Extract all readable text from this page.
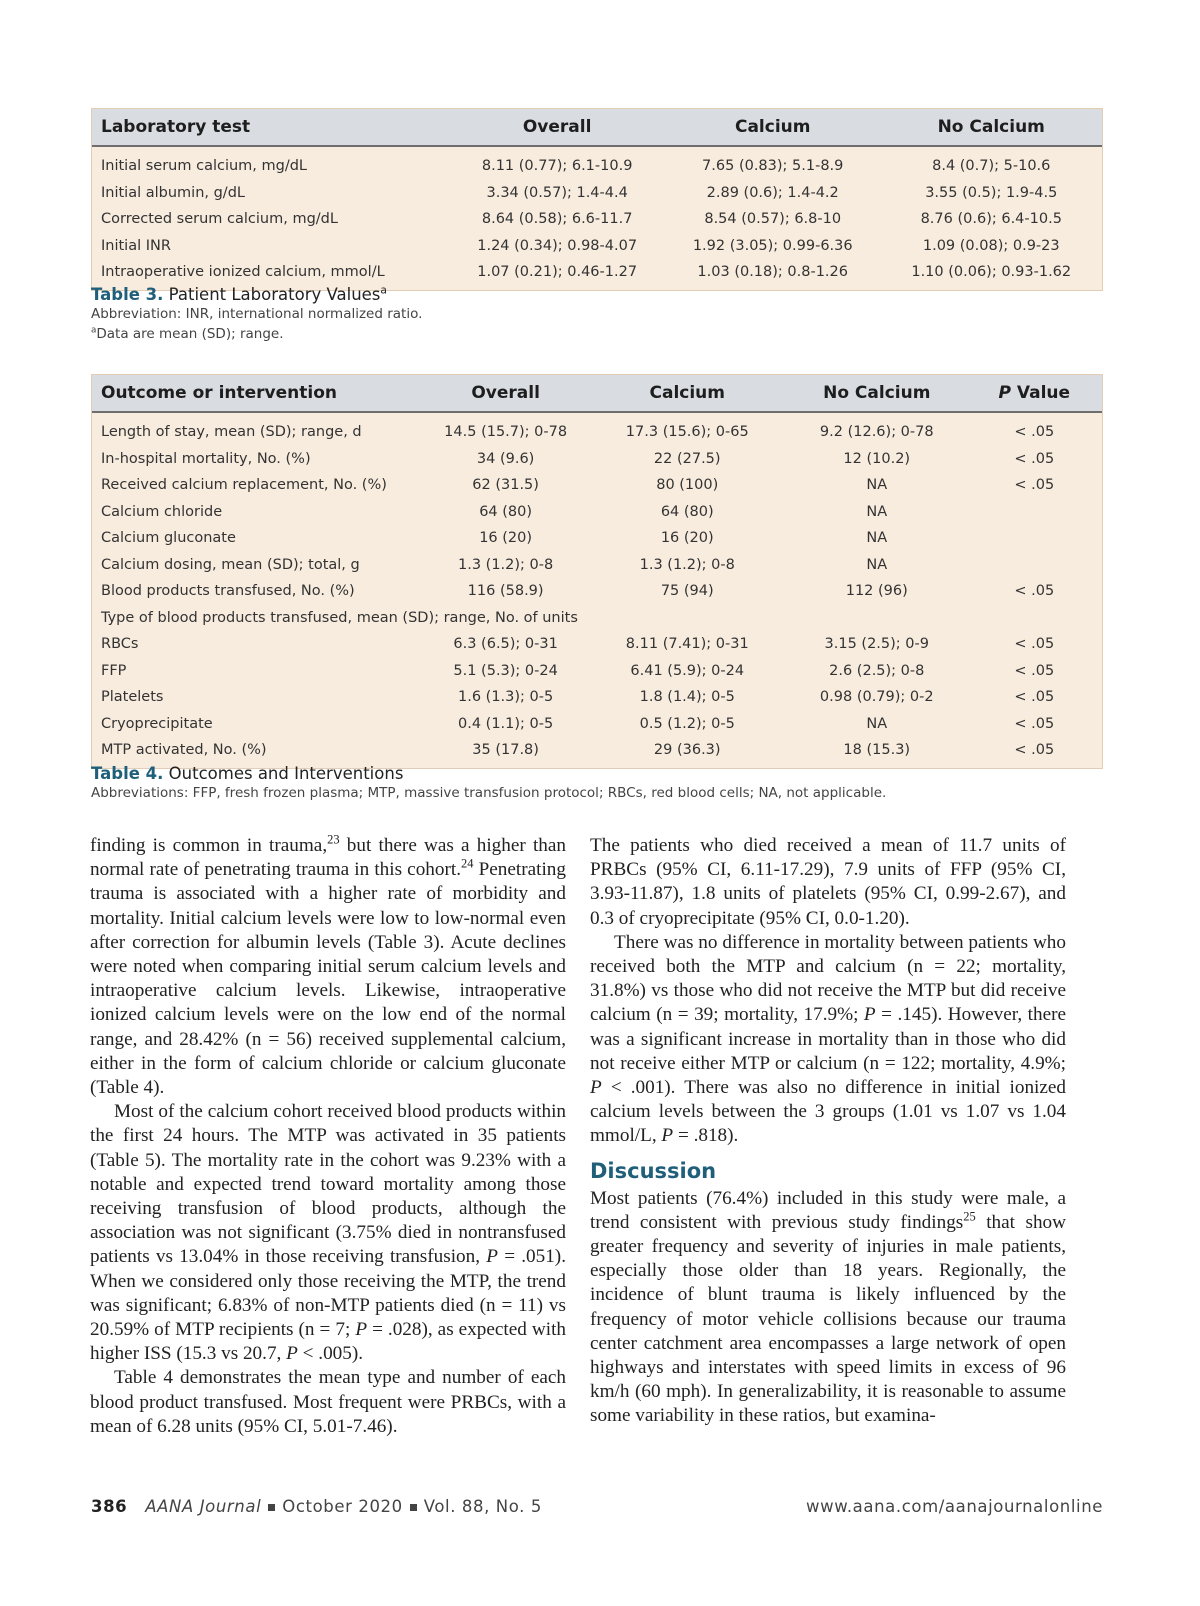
Laboratory test	Overall	Calcium	No Calcium
Initial serum calcium, mg/dL	8.11 (0.77); 6.1-10.9	7.65 (0.83); 5.1-8.9	8.4 (0.7); 5-10.6
Initial albumin, g/dL	3.34 (0.57); 1.4-4.4	2.89 (0.6); 1.4-4.2	3.55 (0.5); 1.9-4.5
Corrected serum calcium, mg/dL	8.64 (0.58); 6.6-11.7	8.54 (0.57); 6.8-10	8.76 (0.6); 6.4-10.5
Initial INR	1.24 (0.34); 0.98-4.07	1.92 (3.05); 0.99-6.36	1.09 (0.08); 0.9-23
Intraoperative ionized calcium, mmol/L	1.07 (0.21); 0.46-1.27	1.03 (0.18); 0.8-1.26	1.10 (0.06); 0.93-1.62
Table 3. Patient Laboratory Values$^a$
Abbreviation: INR, international normalized ratio.
$^a$Data are mean (SD); range.
Outcome or intervention	Overall	Calcium	No Calcium	P Value
Length of stay, mean (SD); range, d	14.5 (15.7); 0-78	17.3 (15.6); 0-65	9.2 (12.6); 0-78	< .05
In-hospital mortality, No. (%)	34 (9.6)	22 (27.5)	12 (10.2)	< .05
Received calcium replacement, No. (%)	62 (31.5)	80 (100)	NA	< .05
Calcium chloride	64 (80)	64 (80)	NA	
Calcium gluconate	16 (20)	16 (20)	NA	
Calcium dosing, mean (SD); total, g	1.3 (1.2); 0-8	1.3 (1.2); 0-8	NA	
Blood products transfused, No. (%)	116 (58.9)	75 (94)	112 (96)	< .05
Type of blood products transfused, mean (SD); range, No. of units				
RBCs	6.3 (6.5); 0-31	8.11 (7.41); 0-31	3.15 (2.5); 0-9	< .05
FFP	5.1 (5.3); 0-24	6.41 (5.9); 0-24	2.6 (2.5); 0-8	< .05
Platelets	1.6 (1.3); 0-5	1.8 (1.4); 0-5	0.98 (0.79); 0-2	< .05
Cryoprecipitate	0.4 (1.1); 0-5	0.5 (1.2); 0-5	NA	< .05
MTP activated, No. (%)	35 (17.8)	29 (36.3)	18 (15.3)	< .05
Table 4. Outcomes and Interventions
Abbreviations: FFP, fresh frozen plasma; MTP, massive transfusion protocol; RBCs, red blood cells; NA, not applicable.

finding is common in trauma,$^{23}$ but there was a higher than normal rate of penetrating trauma in this cohort.$^{24}$ Penetrating trauma is associated with a higher rate of morbidity and mortality. Initial calcium levels were low to low-normal even after correction for albumin levels (Table 3). Acute declines were noted when comparing initial serum calcium levels and intraoperative calcium levels. Likewise, intraoperative ionized calcium levels were on the low end of the normal range, and 28.42% (n = 56) received supplemental calcium, either in the form of calcium chloride or calcium gluconate (Table 4).

Most of the calcium cohort received blood products within the first 24 hours. The MTP was activated in 35 patients (Table 5). The mortality rate in the cohort was 9.23% with a notable and expected trend toward mortality among those receiving transfusion of blood products, although the association was not significant (3.75% died in nontransfused patients vs 13.04% in those receiving transfusion, P = .051). When we considered only those receiving the MTP, the trend was significant; 6.83% of non-MTP patients died (n = 11) vs 20.59% of MTP recipients (n = 7; P = .028), as expected with higher ISS (15.3 vs 20.7, P < .005).

Table 4 demonstrates the mean type and number of each blood product transfused. Most frequent were PRBCs, with a mean of 6.28 units (95% CI, 5.01-7.46).

The patients who died received a mean of 11.7 units of PRBCs (95% CI, 6.11-17.29), 7.9 units of FFP (95% CI, 3.93-11.87), 1.8 units of platelets (95% CI, 0.99-2.67), and 0.3 of cryoprecipitate (95% CI, 0.0-1.20).

There was no difference in mortality between patients who received both the MTP and calcium (n = 22; mortality, 31.8%) vs those who did not receive the MTP but did receive calcium (n = 39; mortality, 17.9%; P = .145). However, there was a significant increase in mortality than in those who did not receive either MTP or calcium (n = 122; mortality, 4.9%; P < .001). There was also no difference in initial ionized calcium levels between the 3 groups (1.01 vs 1.07 vs 1.04 mmol/L, P = .818).

Discussion

Most patients (76.4%) included in this study were male, a trend consistent with previous study findings$^{25}$ that show greater frequency and severity of injuries in male patients, especially those older than 18 years. Regionally, the incidence of blunt trauma is likely influenced by the frequency of motor vehicle collisions because our trauma center catchment area encompasses a large network of open highways and interstates with speed limits in excess of 96 km/h (60 mph). In generalizability, it is reasonable to assume some variability in these ratios, but examina-

386 AANA Journal October 2020 Vol. 88, No. 5	www.aana.com/aanajournalonline
